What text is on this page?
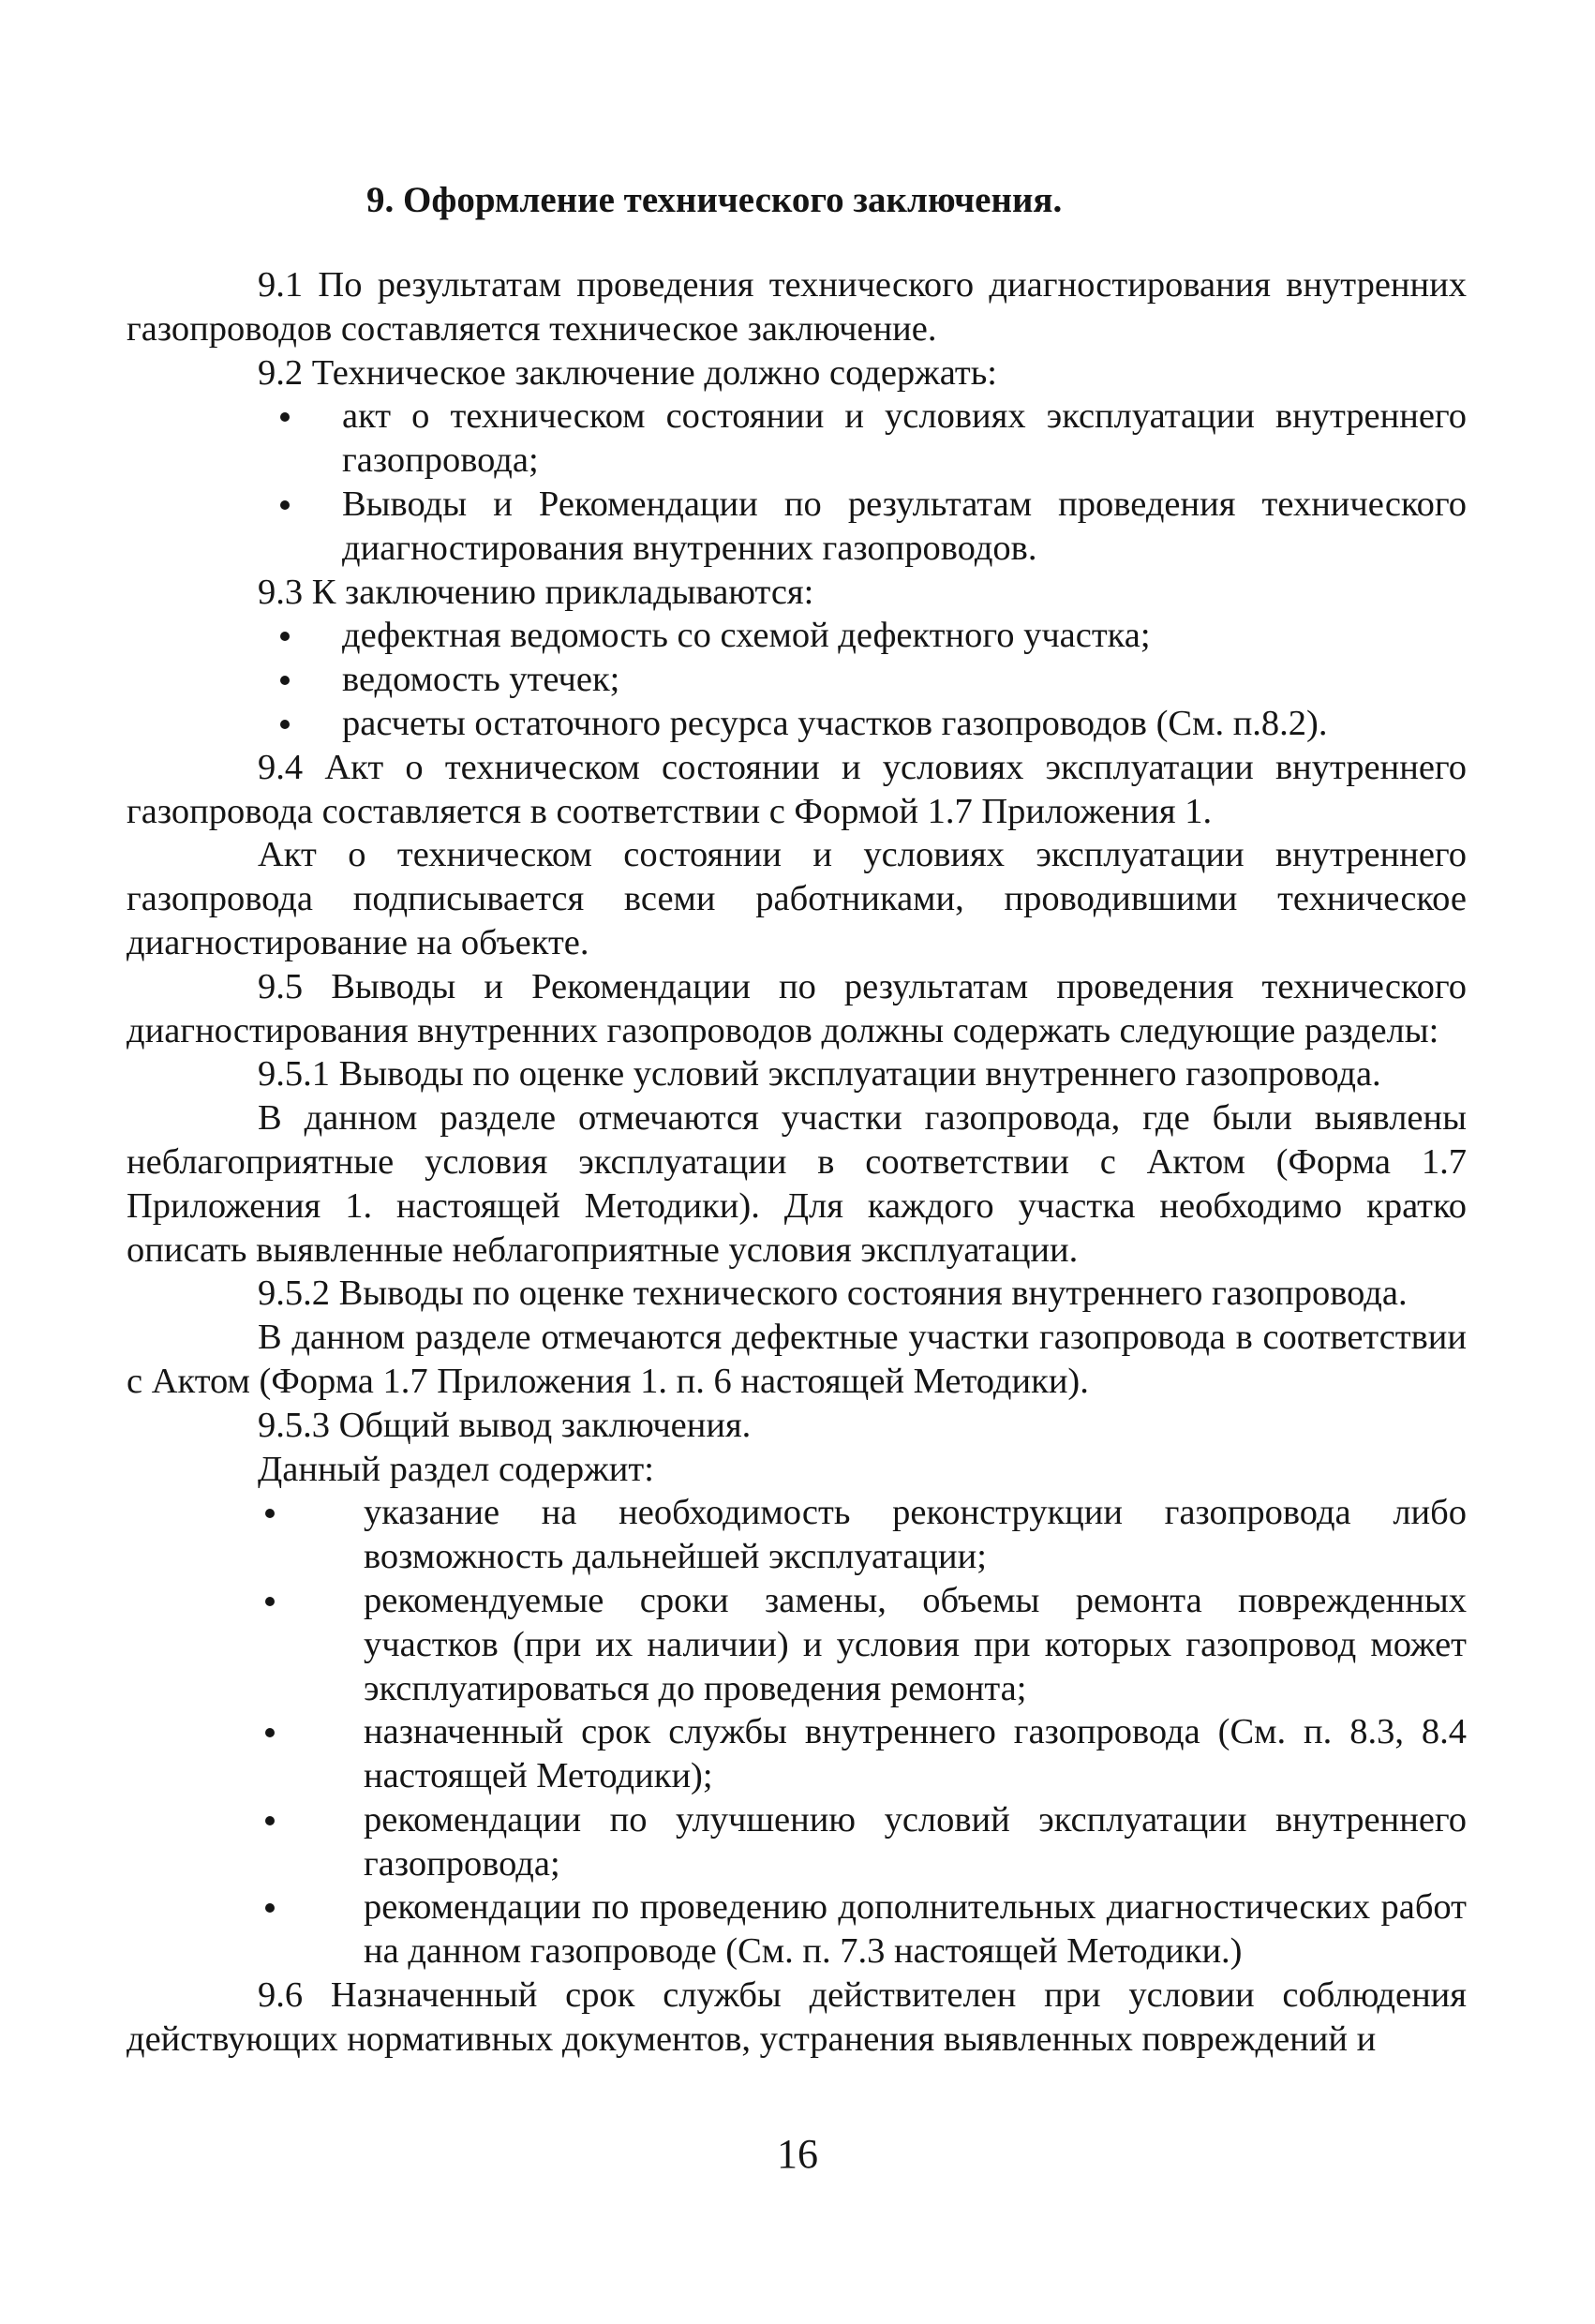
9. Оформление технического заключения.

9.1 По результатам проведения технического диагностирования внутренних газопроводов составляется техническое заключение.

9.2 Техническое заключение должно содержать:

акт о техническом состоянии и условиях эксплуатации внутреннего газопровода;
Выводы и Рекомендации по результатам проведения технического диагностирования внутренних газопроводов.

9.3 К заключению прикладываются:

дефектная ведомость со схемой дефектного участка;
ведомость утечек;
расчеты остаточного ресурса участков газопроводов (См. п.8.2).

9.4 Акт о техническом состоянии и условиях эксплуатации внутреннего газопровода составляется в соответствии с Формой 1.7 Приложения 1.

Акт о техническом состоянии и условиях эксплуатации внутреннего газопровода подписывается всеми работниками, проводившими техническое диагностирование на объекте.

9.5 Выводы и Рекомендации по результатам проведения технического диагностирования внутренних газопроводов должны содержать следующие разделы:

9.5.1 Выводы по оценке условий эксплуатации внутреннего газопровода.

В данном разделе отмечаются участки газопровода, где были выявлены неблагоприятные условия эксплуатации в соответствии с Актом (Форма 1.7 Приложения 1. настоящей Методики). Для каждого участка необходимо кратко описать выявленные неблагоприятные условия эксплуатации.

9.5.2 Выводы по оценке технического состояния внутреннего газопровода.

В данном разделе отмечаются дефектные участки газопровода в соответствии с Актом (Форма 1.7 Приложения 1. п. 6 настоящей Методики).

9.5.3 Общий вывод заключения.

Данный раздел содержит:

указание на необходимость реконструкции газопровода либо возможность дальнейшей эксплуатации;
рекомендуемые сроки замены, объемы ремонта поврежденных участков (при их наличии) и условия при которых газопровод может эксплуатироваться до проведения ремонта;
назначенный срок службы внутреннего газопровода (См. п. 8.3, 8.4 настоящей Методики);
рекомендации по улучшению условий эксплуатации внутреннего газопровода;
рекомендации по проведению дополнительных диагностических работ на данном газопроводе (См. п. 7.3 настоящей Методики.)

9.6 Назначенный срок службы действителен при условии соблюдения действующих нормативных документов, устранения выявленных повреждений и

16
